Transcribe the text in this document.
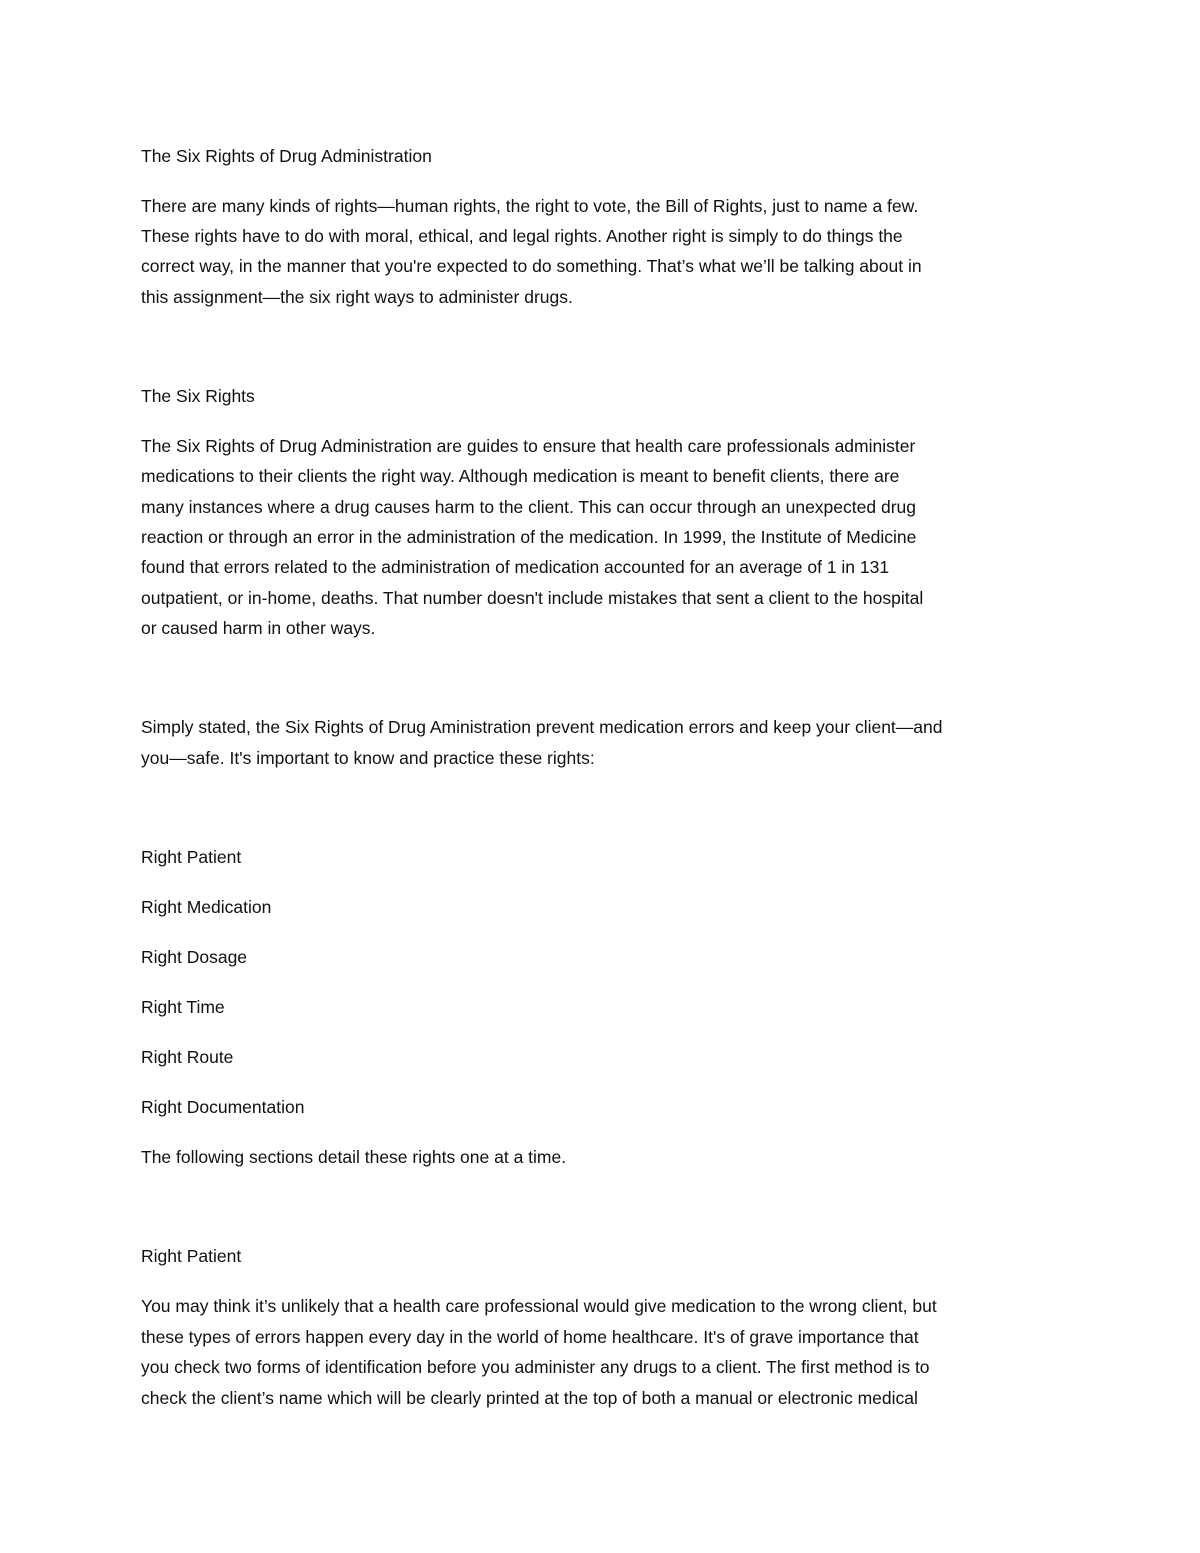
The Six Rights of Drug Administration

There are many kinds of rights—human rights, the right to vote, the Bill of Rights, just to name a few.

These rights have to do with moral, ethical, and legal rights. Another right is simply to do things the

correct way, in the manner that you're expected to do something. That’s what we’ll be talking about in

this assignment—the six right ways to administer drugs.

The Six Rights

The Six Rights of Drug Administration are guides to ensure that health care professionals administer

medications to their clients the right way. Although medication is meant to benefit clients, there are

many instances where a drug causes harm to the client. This can occur through an unexpected drug

reaction or through an error in the administration of the medication. In 1999, the Institute of Medicine

found that errors related to the administration of medication accounted for an average of 1 in 131

outpatient, or in-home, deaths. That number doesn't include mistakes that sent a client to the hospital

or caused harm in other ways.

Simply stated, the Six Rights of Drug Aministration prevent medication errors and keep your client—and

you—safe. It's important to know and practice these rights:

Right Patient

Right Medication

Right Dosage

Right Time

Right Route

Right Documentation

The following sections detail these rights one at a time.

Right Patient

You may think it’s unlikely that a health care professional would give medication to the wrong client, but

these types of errors happen every day in the world of home healthcare. It's of grave importance that

you check two forms of identification before you administer any drugs to a client. The first method is to

check the client’s name which will be clearly printed at the top of both a manual or electronic medical
